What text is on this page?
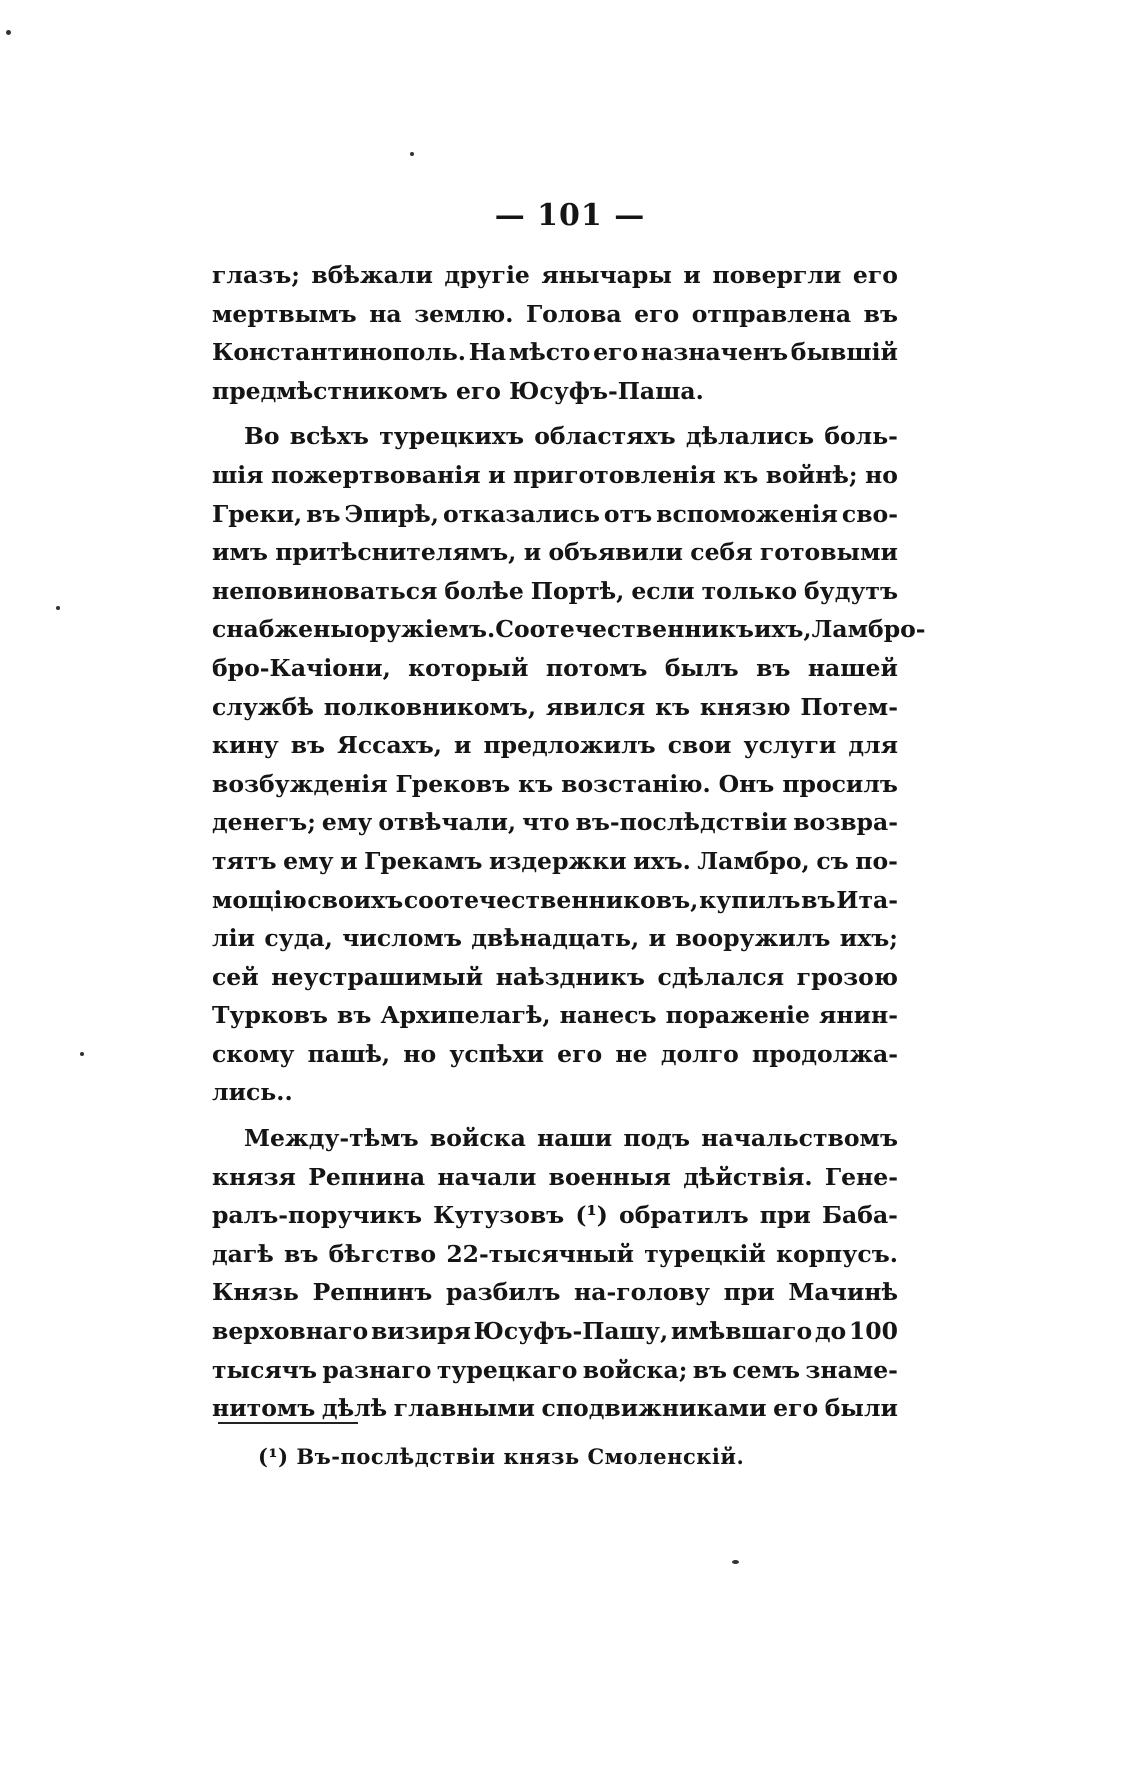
— 101 —
глазъ; вбѣжали другіе янычары и повергли его
мертвымъ на землю. Голова его отправлена въ
Константинополь. На мѣсто его назначенъ бывшій
предмѣстникомъ его Юсуфъ-Паша.
Во всѣхъ турецкихъ областяхъ дѣлались боль-
шія пожертвованія и приготовленія къ войнѣ; но
Греки, въ Эпирѣ, отказались отъ вспоможенія сво-
имъ притѣснителямъ, и объявили себя готовыми
неповиноваться болѣе Портѣ, если только будутъ
снабжены оружіемъ. Соотечественникъ ихъ, Ламбро-
бро-Качіони, который потомъ былъ въ нашей
службѣ полковникомъ, явился къ князю Потем-
кину въ Яссахъ, и предложилъ свои услуги для
возбужденія Грековъ къ возстанію. Онъ просилъ
денегъ; ему отвѣчали, что въ-послѣдствіи возвра-
тятъ ему и Грекамъ издержки ихъ. Ламбро, съ по-
мощію своихъ соотечественниковъ, купилъ въ Ита-
ліи суда, числомъ двѣнадцать, и вооружилъ ихъ;
сей неустрашимый наѣздникъ сдѣлался грозою
Турковъ въ Архипелагѣ, нанесъ пораженіе янин-
скому пашѣ, но успѣхи его не долго продолжа-
лись..
Между-тѣмъ войска наши подъ начальствомъ
князя Репнина начали военныя дѣйствія. Гене-
ралъ-поручикъ Кутузовъ (¹) обратилъ при Баба-
дагѣ въ бѣгство 22-тысячный турецкій корпусъ.
Князь Репнинъ разбилъ на-голову при Мачинѣ
верховнаго визиря Юсуфъ-Пашу, имѣвшаго до 100
тысячъ разнаго турецкаго войска; въ семъ знаме-
нитомъ дѣлѣ главными сподвижниками его были
(¹) Въ-послѣдствіи князь Смоленскій.
